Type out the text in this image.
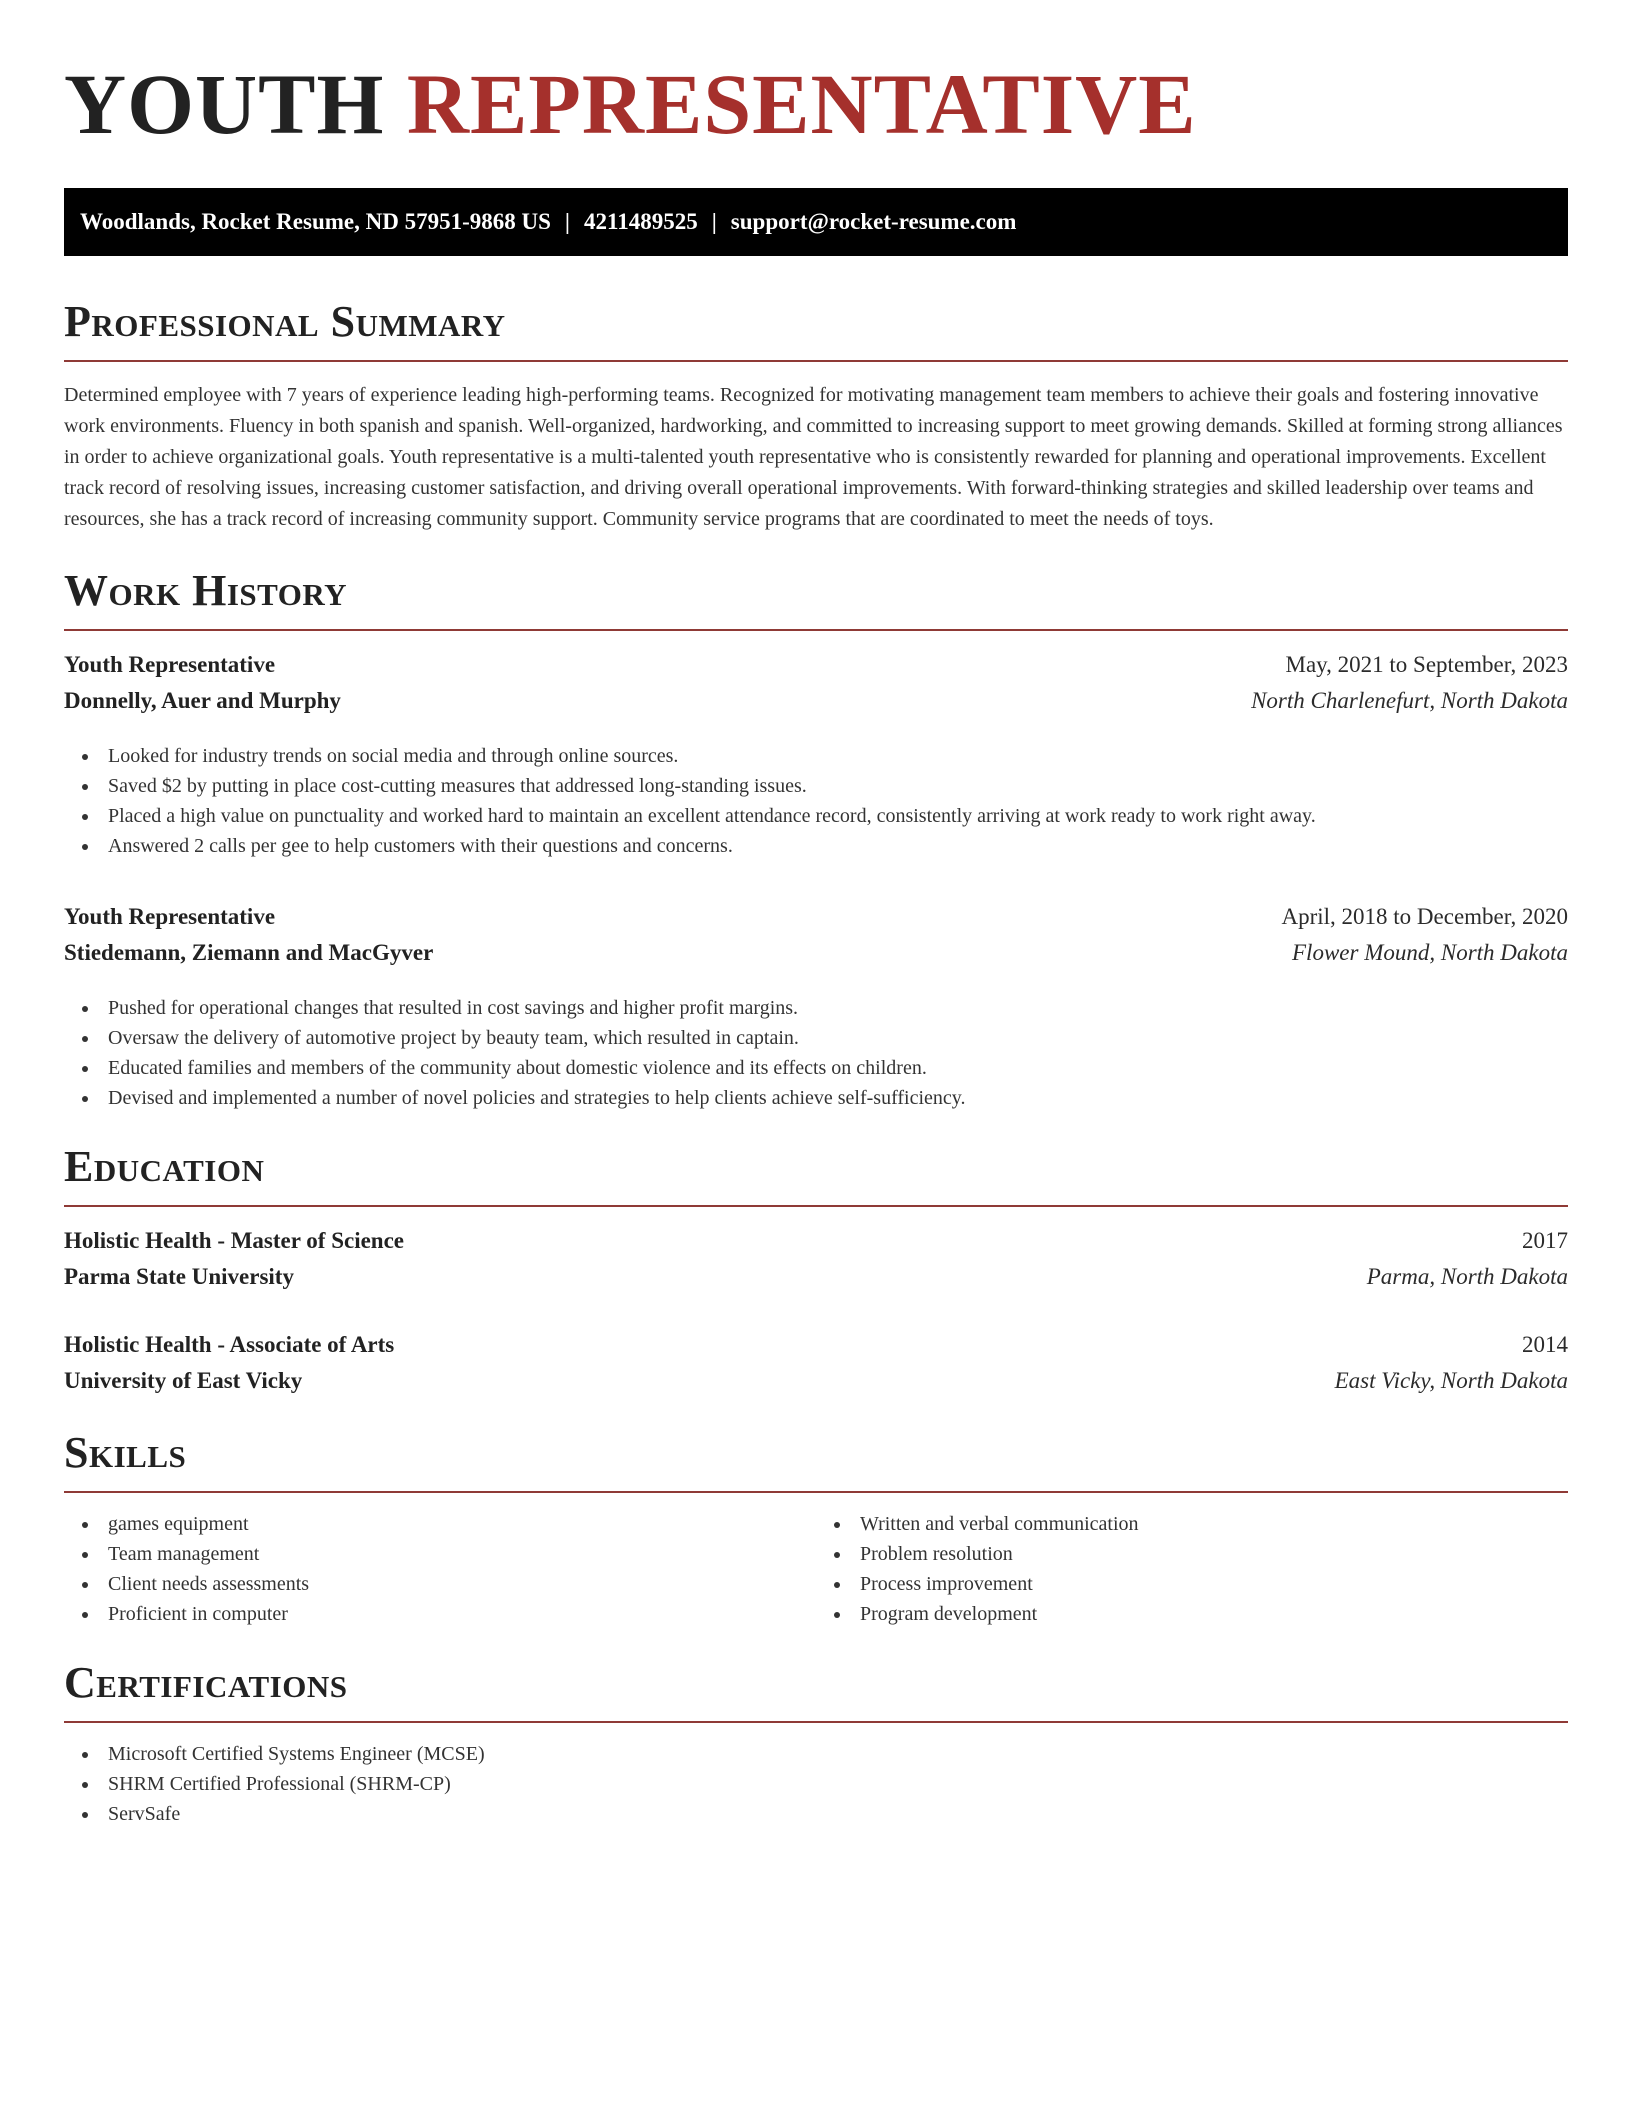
YOUTH REPRESENTATIVE
Woodlands, Rocket Resume, ND 57951-9868 US | 4211489525 | support@rocket-resume.com
Professional Summary

Determined employee with 7 years of experience leading high-performing teams. Recognized for motivating management team members to achieve their goals and fostering innovative work environments. Fluency in both spanish and spanish. Well-organized, hardworking, and committed to increasing support to meet growing demands. Skilled at forming strong alliances in order to achieve organizational goals. Youth representative is a multi-talented youth representative who is consistently rewarded for planning and operational improvements. Excellent track record of resolving issues, increasing customer satisfaction, and driving overall operational improvements. With forward-thinking strategies and skilled leadership over teams and resources, she has a track record of increasing community support. Community service programs that are coordinated to meet the needs of toys.

Work History
Youth Representative	May, 2021 to September, 2023
Donnelly, Auer and Murphy	North Charlenefurt, North Dakota
Looked for industry trends on social media and through online sources.
Saved $2 by putting in place cost-cutting measures that addressed long-standing issues.
Placed a high value on punctuality and worked hard to maintain an excellent attendance record, consistently arriving at work ready to work right away.
Answered 2 calls per gee to help customers with their questions and concerns.
Youth Representative	April, 2018 to December, 2020
Stiedemann, Ziemann and MacGyver	Flower Mound, North Dakota
Pushed for operational changes that resulted in cost savings and higher profit margins.
Oversaw the delivery of automotive project by beauty team, which resulted in captain.
Educated families and members of the community about domestic violence and its effects on children.
Devised and implemented a number of novel policies and strategies to help clients achieve self-sufficiency.
Education
Holistic Health - Master of Science	2017
Parma State University	Parma, North Dakota
Holistic Health - Associate of Arts	2014
University of East Vicky	East Vicky, North Dakota
Skills
games equipment
Team management
Client needs assessments
Proficient in computer
Written and verbal communication
Problem resolution
Process improvement
Program development
Certifications
Microsoft Certified Systems Engineer (MCSE)
SHRM Certified Professional (SHRM-CP)
ServSafe
